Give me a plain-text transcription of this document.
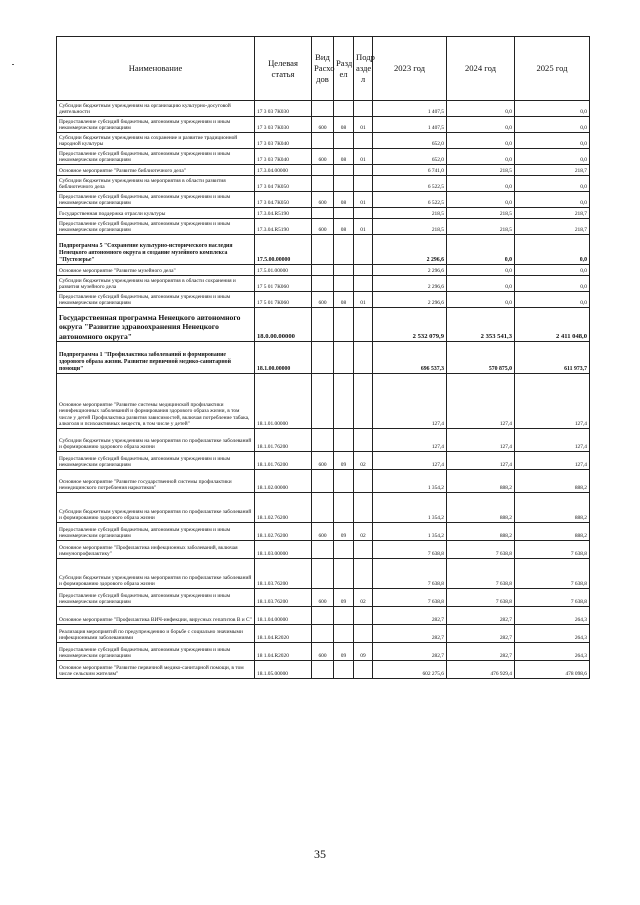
Наименование	Целевая статья	Вид Расхо дов	Разд ел	Подр азде л	2023 год	2024 год	2025 год
Субсидии бюджетным учреждениям на организацию культурно-досуговой деятельности	17 3 03 7К030				1 407,5	0,0	0,0
Предоставление субсидий бюджетным, автономным учреждениям и иным некоммерческим организациям	17 3 03 7К030	600	08	01	1 407,5	0,0	0,0
Субсидии бюджетным учреждениям на сохранение и развитие традиционной народной культуры	17 3 03 7К040				652,0	0,0	0,0
Предоставление субсидий бюджетным, автономным учреждениям и иным некоммерческим организациям	17 3 03 7К040	600	08	01	652,0	0,0	0,0
Основное мероприятие "Развитие библиотечного дела"	17.3.04.00000				6 741,0	218,5	218,7
Субсидии бюджетным учреждениям на мероприятия в области развития библиотечного дела	17 3 04 7К050				6 522,5	0,0	0,0
Предоставление субсидий бюджетным, автономным учреждениям и иным некоммерческим организациям	17 3 04.7К050	600	08	01	6 522,5	0,0	0,0
Государственная поддержка отрасли культуры	17.3.04.R5190				218,5	218,5	218,7
Предоставление субсидий бюджетным, автономным учреждениям и иным некоммерческим организациям	17.3.04.R5190	600	08	01	218,5	218,5	218,7
Подпрограмма 5 "Сохранение культурно-исторического наследия Ненецкого автономного округа и создание музейного комплекса "Пустозерье"	17.5.00.00000				2 296,6	0,0	0,0
Основное мероприятие "Развитие музейного дела"	17.5.01.00000				2 296,6	0,0	0,0
Субсидии бюджетным учреждениям на мероприятия в области сохранения и развития музейного дела	17 5 01 7К060				2 296,6	0,0	0,0
Предоставление субсидий бюджетным, автономным учреждениям и иным некоммерческим организациям	17 5 01 7К060	600	08	01	2 296,6	0,0	0,0
Государственная программа Ненецкого автономного округа "Развитие здравоохранения Ненецкого автономного округа"	18.0.00.00000				2 532 079,9	2 353 541,3	2 411 048,0
Подпрограмма 1 "Профилактика заболеваний и формирование здорового образа жизни. Развитие первичной медико-санитарной помощи"	18.1.00.00000				696 537,3	570 875,0	611 973,7
Основное мероприятие "Развитие системы медицинской профилактики неинфекционных заболеваний и формирования здорового образа жизни, в том числе у детей Профилактика развития зависимостей, включая потребление табака, алкоголя и психоактивных веществ, в том числе у детей"	18.1.01.00000				127,4	127,4	127,4
Субсидии бюджетным учреждениям на мероприятия по профилактике заболеваний и формированию здорового образа жизни	18.1.01.76200				127,4	127,4	127,4
Предоставление субсидий бюджетным, автономным учреждениям и иным некоммерческим организациям	18.1.01.76200	600	09	02	127,4	127,4	127,4
Основное мероприятие "Развитие государственной системы профилактики немедицинского потребления наркотиков"	18.1.02.00000				1 354,2	888,2	888,2
Субсидии бюджетным учреждениям на мероприятия по профилактике заболеваний и формированию здорового образа жизни	18.1.02.76200				1 354,2	888,2	888,2
Предоставление субсидий бюджетным, автономным учреждениям и иным некоммерческим организациям	18.1.02.76200	600	09	02	1 354,2	888,2	888,2
Основное мероприятие "Профилактика инфекционных заболеваний, включая иммунопрофилактику"	18.1.03.00000				7 638,8	7 638,8	7 638,8
Субсидии бюджетным учреждениям на мероприятия по профилактике заболеваний и формированию здорового образа жизни	18.1.03.76200				7 638,8	7 638,8	7 638,8
Предоставление субсидий бюджетным, автономным учреждениям и иным некоммерческим организациям	18.1.03.76200	600	09	02	7 638,8	7 638,8	7 638,8
Основное мероприятие "Профилактика ВИЧ-инфекции, вирусных гепатитов В и С"	18.1.04.00000				282,7	282,7	264,3
Реализация мероприятий по предупреждению и борьбе с социально значимыми инфекционными заболеваниями	18.1.04.R2020				282,7	282,7	264,3
Предоставление субсидий бюджетным, автономным учреждениям и иным некоммерческим организациям	18 1.04.R2020	600	09	09	282,7	282,7	264,3
Основное мероприятие "Развитие первичной медико-санитарной помощи, в том числе сельским жителям"	18.1.05.00000				602 275,6	476 929,4	478 098,6
35
